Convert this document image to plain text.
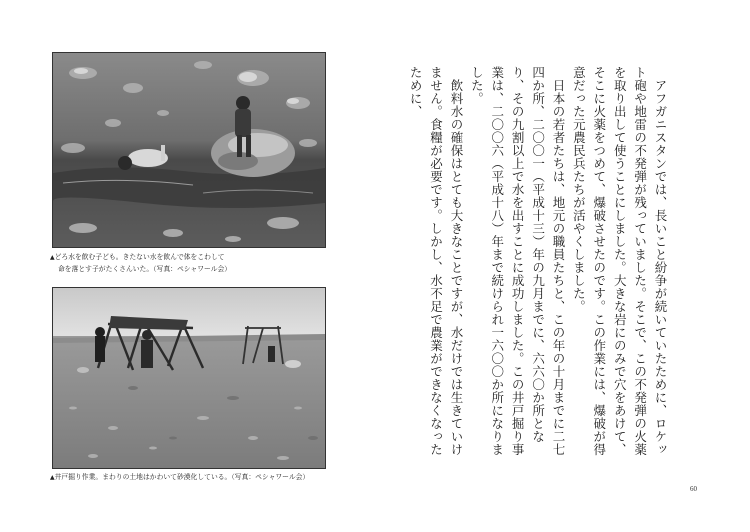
▲どろ水を飲む子ども。きたない水を飲んで体をこわして
命を落とす子がたくさんいた。（写真：ペシャワール会）
▲井戸掘り作業。まわりの土地はかわいて砂漠化している。（写真：ペシャワール会）

アフガニスタンでは、長いこと紛争が続いていたために、ロケット砲や地雷の不発弾が残っていました。そこで、この不発弾の火薬を取り出して使うことにしました。大きな岩にのみで穴をあけて、そこに火薬をつめて、爆破させたのです。この作業には、爆破が得意だった元農民兵たちが活やくしました。

日本の若者たちは、地元の職員たちと、この年の十月までに二七四か所、二〇〇一（平成十三）年の九月までに、六六〇か所となり、その九割以上で水を出すことに成功しました。この井戸掘り事業は、二〇〇六（平成十八）年まで続けられ一六〇〇か所になりました。

飲料水の確保はとても大きなことですが、水だけでは生きていけません。食糧が必要です。しかし、水不足で農業ができなくなったために、

60
